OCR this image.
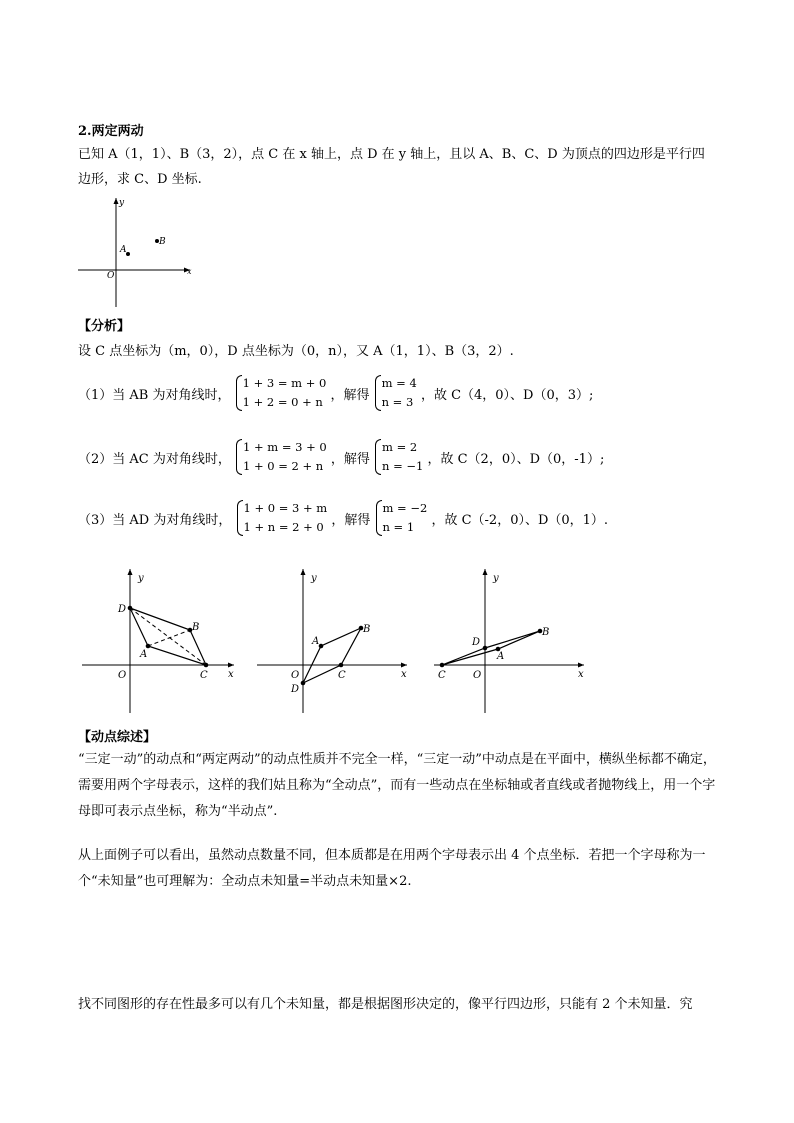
2.两定两动
已知 A（1，1）、B（3，2），点 C 在 x 轴上，点 D 在 y 轴上，且以 A、B、C、D 为顶点的四边形是平行四
边形，求 C、D 坐标.
y
x
O
A
B
【分析】
设 C 点坐标为（m，0），D 点坐标为（0，n），又 A（1，1）、B（3，2）.
（1）当 AB 为对角线时，
1 + 3 = m + 0
1 + 2 = 0 + n ，解得
m = 4
n = 3 ，故 C（4，0）、D（0，3）;
（2）当 AC 为对角线时，
1 + m = 3 + 0
1 + 0 = 2 + n ，解得
m = 2
n = −1 ，故 C（2，0）、D（0，-1）;
（3）当 AD 为对角线时，
1 + 0 = 3 + m
1 + n = 2 + 0 ，解得
m = −2
n = 1	，故 C（-2，0）、D（0，1）.
y
x
O
D
B
C
A
y
x
O
D
A
B
C
y
x
O
C
D
A
B
【动点综述】
“三定一动”的动点和“两定两动”的动点性质并不完全一样，“三定一动”中动点是在平面中，横纵坐标都不确定，需要用两个字母表示，这样的我们姑且称为“全动点”，而有一些动点在坐标轴或者直线或者抛物线上，用一个字母即可表示点坐标，称为“半动点”.
从上面例子可以看出，虽然动点数量不同，但本质都是在用两个字母表示出 4 个点坐标．若把一个字母称为一个“未知量”也可理解为：全动点未知量=半动点未知量×2.
找不同图形的存在性最多可以有几个未知量，都是根据图形决定的，像平行四边形，只能有 2 个未知量．究
